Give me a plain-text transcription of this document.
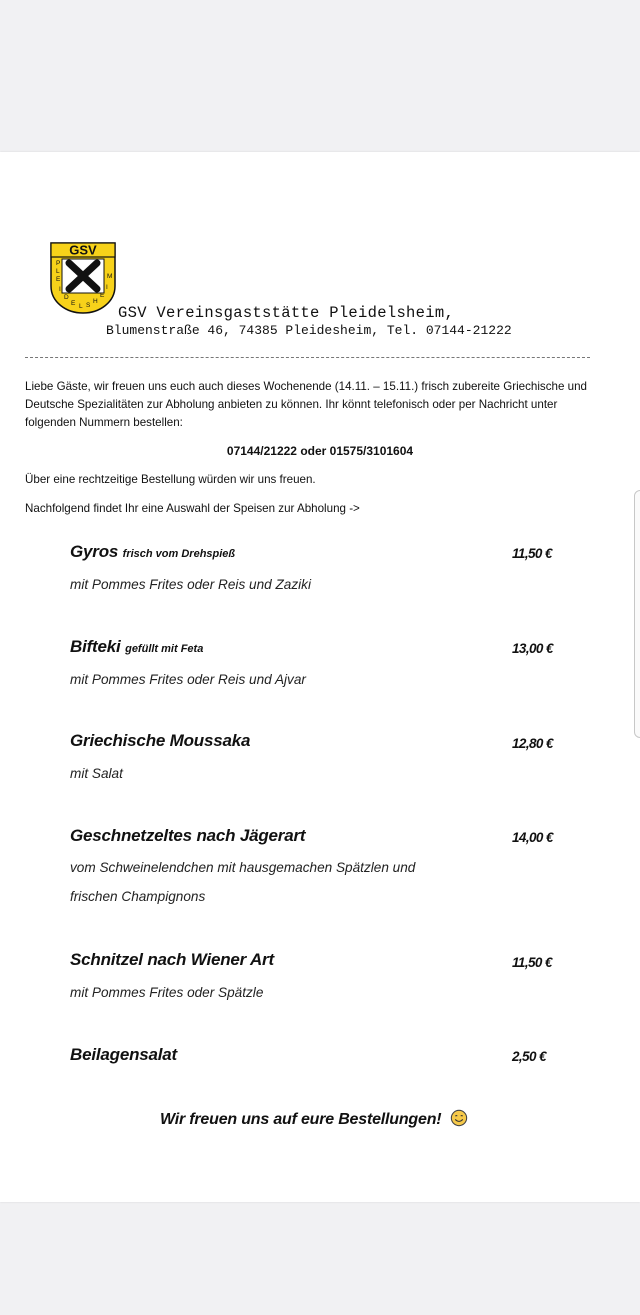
GSV
P
L
E
I
D
E L S
H
E
I
M
GSV Vereinsgaststätte Pleidelsheim,
Blumenstraße 46, 74385 Pleidesheim, Tel. 07144-21222
Liebe Gäste, wir freuen uns euch auch dieses Wochenende (14.11. – 15.11.) frisch zubereite Griechische und
Deutsche Spezialitäten zur Abholung anbieten zu können. Ihr könnt telefonisch oder per Nachricht unter
folgenden Nummern bestellen:
07144/21222 oder 01575/3101604
Über eine rechtzeitige Bestellung würden wir uns freuen.
Nachfolgend findet Ihr eine Auswahl der Speisen zur Abholung ->
Gyros frisch vom Drehspieß	11,50 €
mit Pommes Frites oder Reis und Zaziki
Bifteki gefüllt mit Feta	13,00 €
mit Pommes Frites oder Reis und Ajvar
Griechische Moussaka	12,80 €
mit Salat
Geschnetzeltes nach Jägerart	14,00 €
vom Schweinelendchen mit hausgemachen Spätzlen und
frischen Champignons
Schnitzel nach Wiener Art	11,50 €
mit Pommes Frites oder Spätzle
Beilagensalat	2,50 €
Wir freuen uns auf eure Bestellungen!
